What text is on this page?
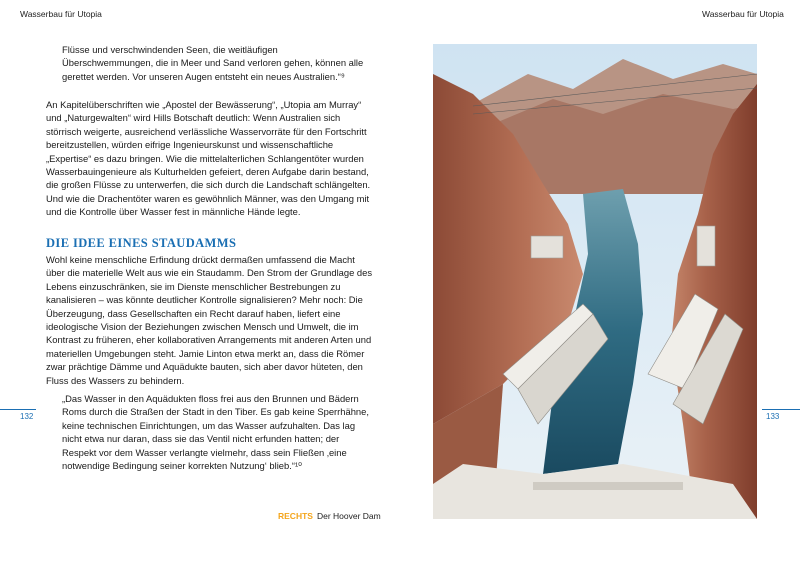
Wasserbau für Utopia	Wasserbau für Utopia

Flüsse und verschwindenden Seen, die weitläufigen Überschwemmungen, die in Meer und Sand verloren gehen, können alle gerettet werden. Vor unseren Augen entsteht ein neues Australien.“⁹

An Kapitelüberschriften wie „Apostel der Bewässerung“, „Utopia am Murray“ und „Naturgewalten“ wird Hills Botschaft deutlich: Wenn Australien sich störrisch weigerte, ausreichend verlässliche Wasservorräte für den Fortschritt bereitzustellen, würden eifrige Ingenieurskunst und wissenschaftliche „Expertise“ es dazu bringen. Wie die mittelalterlichen Schlangentöter wurden Wasserbauingenieure als Kulturhelden gefeiert, deren Aufgabe darin bestand, die großen Flüsse zu unterwerfen, die sich durch die Landschaft schlängelten. Und wie die Drachentöter waren es gewöhnlich Männer, was den Umgang mit und die Kontrolle über Wasser fest in männliche Hände legte.

DIE IDEE EINES STAUDAMMS

Wohl keine menschliche Erfindung drückt dermaßen umfassend die Macht über die materielle Welt aus wie ein Staudamm. Den Strom der Grundlage des Lebens einzuschränken, sie im Dienste menschlicher Bestrebungen zu kanalisieren – was könnte deutlicher Kontrolle signalisieren? Mehr noch: Die Überzeugung, dass Gesellschaften ein Recht darauf haben, liefert eine ideologische Vision der Beziehungen zwischen Mensch und Umwelt, die im Kontrast zu früheren, eher kollaborativen Arrangements mit anderen Arten und materiellen Umgebungen steht. Jamie Linton etwa merkt an, dass die Römer zwar prächtige Dämme und Aquädukte bauten, sich aber davor hüteten, den Fluss des Wassers zu behindern.

„Das Wasser in den Aquädukten floss frei aus den Brunnen und Bädern Roms durch die Straßen der Stadt in den Tiber. Es gab keine Sperrhähne, keine technischen Einrichtungen, um das Wasser aufzuhalten. Das lag nicht etwa nur daran, dass sie das Ventil nicht erfunden hatten; der Respekt vor dem Wasser verlangte vielmehr, dass sein Fließen ‚eine notwendige Bedingung seiner korrekten Nutzung‘ blieb.“¹⁰

132	133
RECHTS Der Hoover Dam
